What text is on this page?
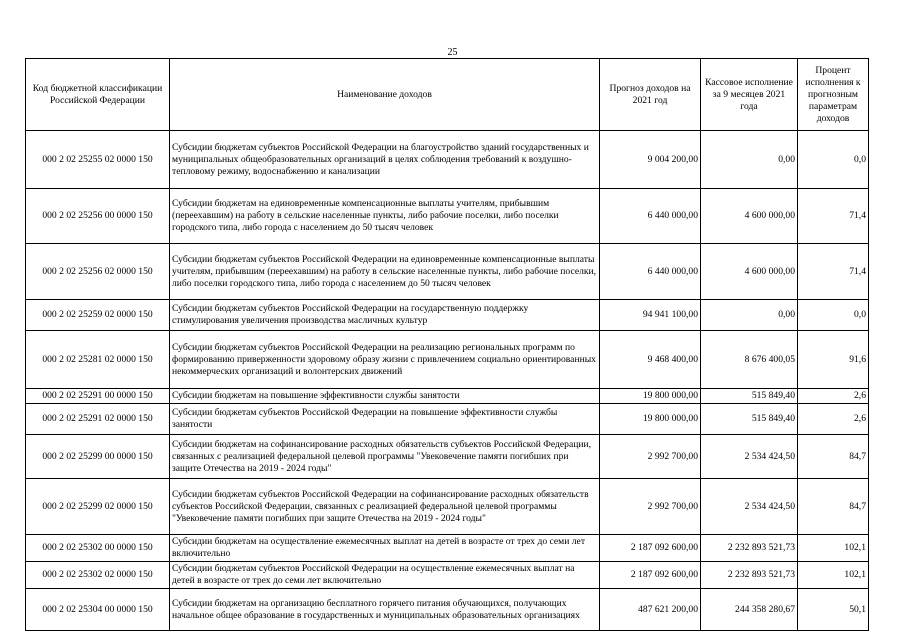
25
Код бюджетной классификации Российской Федерации	Наименование доходов	Прогноз доходов на 2021 год	Кассовое исполнение за 9 месяцев 2021 года	Процент исполнения к прогнозным параметрам доходов
000 2 02 25255 02 0000 150	Субсидии бюджетам субъектов Российской Федерации на благоустройство зданий государственных и муниципальных общеобразовательных организаций в целях соблюдения требований к воздушно-тепловому режиму, водоснабжению и канализации	9 004 200,00	0,00	0,0
000 2 02 25256 00 0000 150	Субсидии бюджетам на единовременные компенсационные выплаты учителям, прибывшим (переехавшим) на работу в сельские населенные пункты, либо рабочие поселки, либо поселки городского типа, либо города с населением до 50 тысяч человек	6 440 000,00	4 600 000,00	71,4
000 2 02 25256 02 0000 150	Субсидии бюджетам субъектов Российской Федерации на единовременные компенсационные выплаты учителям, прибывшим (переехавшим) на работу в сельские населенные пункты, либо рабочие поселки, либо поселки городского типа, либо города с населением до 50 тысяч человек	6 440 000,00	4 600 000,00	71,4
000 2 02 25259 02 0000 150	Субсидии бюджетам субъектов Российской Федерации на государственную поддержку стимулирования увеличения производства масличных культур	94 941 100,00	0,00	0,0
000 2 02 25281 02 0000 150	Субсидии бюджетам субъектов Российской Федерации на реализацию региональных программ по формированию приверженности здоровому образу жизни с привлечением социально ориентированных некоммерческих организаций и волонтерских движений	9 468 400,00	8 676 400,05	91,6
000 2 02 25291 00 0000 150	Субсидии бюджетам на повышение эффективности службы занятости	19 800 000,00	515 849,40	2,6
000 2 02 25291 02 0000 150	Субсидии бюджетам субъектов Российской Федерации на повышение эффективности службы занятости	19 800 000,00	515 849,40	2,6
000 2 02 25299 00 0000 150	Субсидии бюджетам на софинансирование расходных обязательств субъектов Российской Федерации, связанных с реализацией федеральной целевой программы "Увековечение памяти погибших при защите Отечества на 2019 - 2024 годы"	2 992 700,00	2 534 424,50	84,7
000 2 02 25299 02 0000 150	Субсидии бюджетам субъектов Российской Федерации на софинансирование расходных обязательств субъектов Российской Федерации, связанных с реализацией федеральной целевой программы "Увековечение памяти погибших при защите Отечества на 2019 - 2024 годы"	2 992 700,00	2 534 424,50	84,7
000 2 02 25302 00 0000 150	Субсидии бюджетам на осуществление ежемесячных выплат на детей в возрасте от трех до семи лет включительно	2 187 092 600,00	2 232 893 521,73	102,1
000 2 02 25302 02 0000 150	Субсидии бюджетам субъектов Российской Федерации на осуществление ежемесячных выплат на детей в возрасте от трех до семи лет включительно	2 187 092 600,00	2 232 893 521,73	102,1
000 2 02 25304 00 0000 150	Субсидии бюджетам на организацию бесплатного горячего питания обучающихся, получающих начальное общее образование в государственных и муниципальных образовательных организациях	487 621 200,00	244 358 280,67	50,1
